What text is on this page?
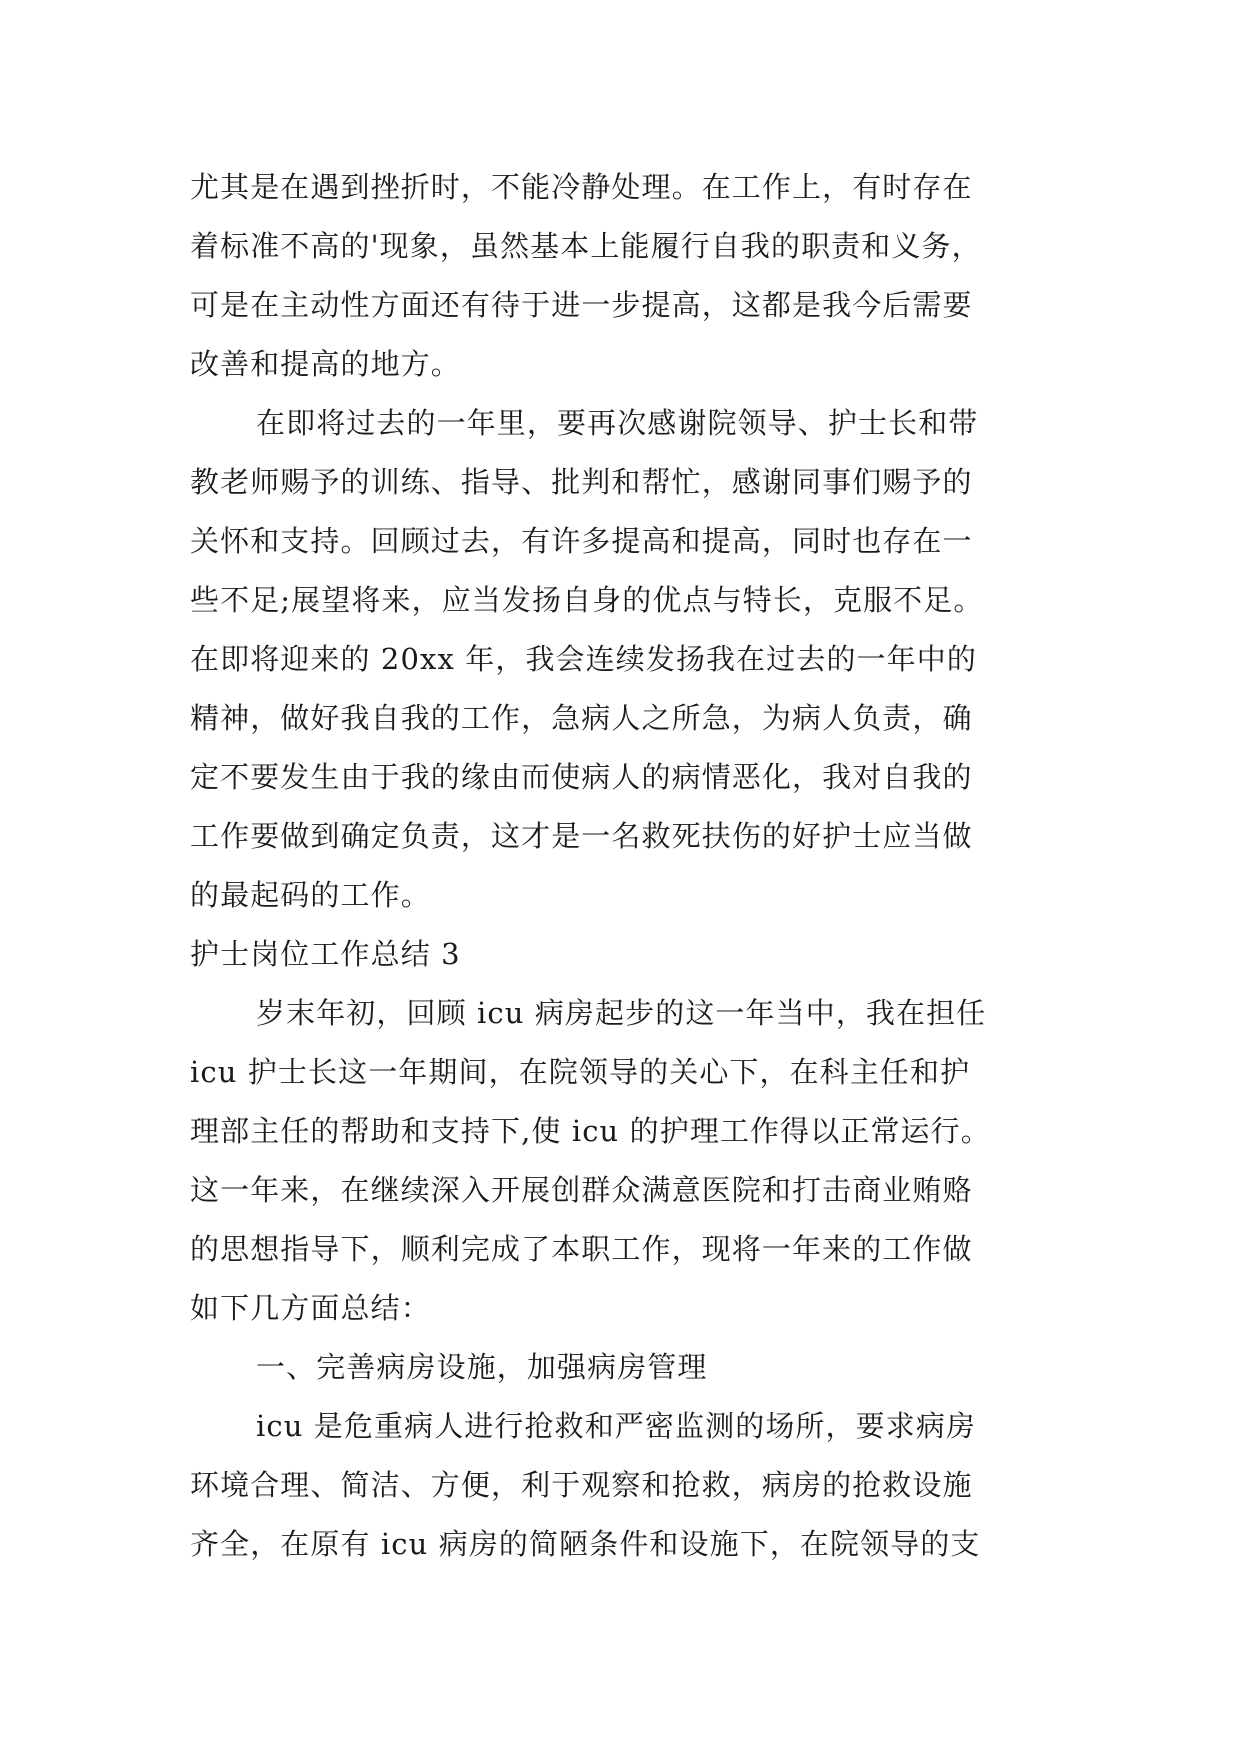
尤其是在遇到挫折时，不能冷静处理。在工作上，有时存在
着标准不高的'现象，虽然基本上能履行自我的职责和义务，
可是在主动性方面还有待于进一步提高，这都是我今后需要
改善和提高的地方。
在即将过去的一年里，要再次感谢院领导、护士长和带
教老师赐予的训练、指导、批判和帮忙，感谢同事们赐予的
关怀和支持。回顾过去，有许多提高和提高，同时也存在一
些不足;展望将来，应当发扬自身的优点与特长，克服不足。
在即将迎来的 20xx 年，我会连续发扬我在过去的一年中的
精神，做好我自我的工作，急病人之所急，为病人负责，确
定不要发生由于我的缘由而使病人的病情恶化，我对自我的
工作要做到确定负责，这才是一名救死扶伤的好护士应当做
的最起码的工作。
护士岗位工作总结 3
岁末年初，回顾 icu 病房起步的这一年当中，我在担任
icu 护士长这一年期间，在院领导的关心下，在科主任和护
理部主任的帮助和支持下,使 icu 的护理工作得以正常运行。
这一年来，在继续深入开展创群众满意医院和打击商业贿赂
的思想指导下，顺利完成了本职工作，现将一年来的工作做
如下几方面总结：
一、完善病房设施，加强病房管理
icu 是危重病人进行抢救和严密监测的场所，要求病房
环境合理、简洁、方便，利于观察和抢救，病房的抢救设施
齐全，在原有 icu 病房的简陋条件和设施下，在院领导的支
